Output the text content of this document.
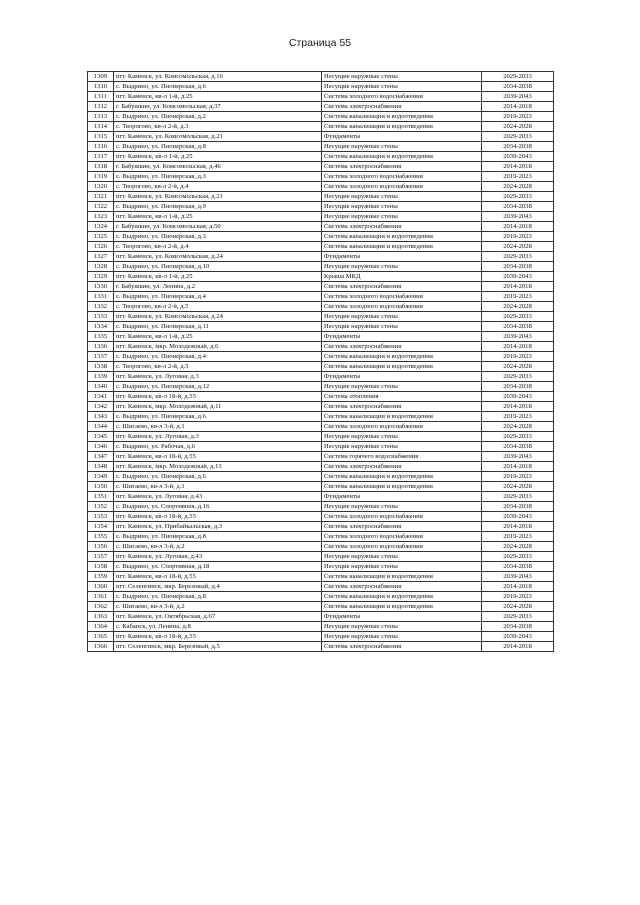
Страница 55
1309	пгт. Каменск, ул. Комсомольская, д.16	Несущие наружные стены	2029-2033
1310	с. Выдрино, ул. Пионерская, д.6	Несущие наружные стены	2034-2038
1311	пгт. Каменск, кв-л 1-й, д.25	Система холодного водоснабжения	2039-2043
1312	г. Бабушкин, ул. Комсомольская, д.37	Система электроснабжения	2014-2018
1313	с. Выдрино, ул. Пионерская, д.2	Система канализации и водоотведения	2019-2023
1314	с. Творогово, кв-л 2-й, д.3	Система канализации и водоотведения	2024-2028
1315	пгт. Каменск, ул. Комсомольская, д.21	Фундаменты	2029-2033
1316	с. Выдрино, ул. Пионерская, д.8	Несущие наружные стены	2034-2038
1317	пгт. Каменск, кв-л 1-й, д.25	Система канализации и водоотведения	2039-2043
1318	г. Бабушкин, ул. Комсомольская, д.46	Система электроснабжения	2014-2018
1319	с. Выдрино, ул. Пионерская, д.3	Система холодного водоснабжения	2019-2023
1320	с. Творогово, кв-л 2-й, д.4	Система холодного водоснабжения	2024-2028
1321	пгт. Каменск, ул. Комсомольская, д.21	Несущие наружные стены	2029-2033
1322	с. Выдрино, ул. Пионерская, д.9	Несущие наружные стены	2034-2038
1323	пгт. Каменск, кв-л 1-й, д.25	Несущие наружные стены	2039-2043
1324	г. Бабушкин, ул. Комсомольская, д.50	Система электроснабжения	2014-2018
1325	с. Выдрино, ул. Пионерская, д.3	Система канализации и водоотведения	2019-2023
1326	с. Творогово, кв-л 2-й, д.4	Система канализации и водоотведения	2024-2028
1327	пгт. Каменск, ул. Комсомольская, д.24	Фундаменты	2029-2033
1328	с. Выдрино, ул. Пионерская, д.10	Несущие наружные стены	2034-2038
1329	пгт. Каменск, кв-л 1-й, д.25	Крыша МКД	2039-2043
1330	г. Бабушкин, ул. Ленина, д.2	Система электроснабжения	2014-2018
1331	с. Выдрино, ул. Пионерская, д.4	Система холодного водоснабжения	2019-2023
1332	с. Творогово, кв-л 2-й, д.5	Система холодного водоснабжения	2024-2028
1333	пгт. Каменск, ул. Комсомольская, д.24	Несущие наружные стены	2029-2033
1334	с. Выдрино, ул. Пионерская, д.11	Несущие наружные стены	2034-2038
1335	пгт. Каменск, кв-л 1-й, д.25	Фундаменты	2039-2043
1336	пгт. Каменск, мкр. Молодежный, д.6	Система электроснабжения	2014-2018
1337	с. Выдрино, ул. Пионерская, д.4	Система канализации и водоотведения	2019-2023
1338	с. Творогово, кв-л 2-й, д.5	Система канализации и водоотведения	2024-2028
1339	пгт. Каменск, ул. Луговая, д.3	Фундаменты	2029-2033
1340	с. Выдрино, ул. Пионерская, д.12	Несущие наружные стены	2034-2038
1341	пгт. Каменск, кв-л 18-й, д.55	Система отопления	2039-2043
1342	пгт. Каменск, мкр. Молодежный, д.11	Система электроснабжения	2014-2018
1343	с. Выдрино, ул. Пионерская, д.6	Система канализации и водоотведения	2019-2023
1344	с. Шигаево, кв-л 3-й, д.1	Система холодного водоснабжения	2024-2028
1345	пгт. Каменск, ул. Луговая, д.3	Несущие наружные стены	2029-2033
1346	с. Выдрино, ул. Рабочая, д.6	Несущие наружные стены	2034-2038
1347	пгт. Каменск, кв-л 18-й, д.55	Система горячего водоснабжения	2039-2043
1348	пгт. Каменск, мкр. Молодежный, д.13	Система электроснабжения	2014-2018
1349	с. Выдрино, ул. Пионерская, д.6	Система канализации и водоотведения	2019-2023
1350	с. Шигаево, кв-л 3-й, д.1	Система канализации и водоотведения	2024-2028
1351	пгт. Каменск, ул. Луговая, д.43	Фундаменты	2029-2033
1352	с. Выдрино, ул. Спортивная, д.16	Несущие наружные стены	2034-2038
1353	пгт. Каменск, кв-л 18-й, д.55	Система холодного водоснабжения	2039-2043
1354	пгт. Каменск, ул. Прибайкальская, д.3	Система электроснабжения	2014-2018
1355	с. Выдрино, ул. Пионерская, д.8	Система холодного водоснабжения	2019-2023
1356	с. Шигаево, кв-л 3-й, д.2	Система холодного водоснабжения	2024-2028
1357	пгт. Каменск, ул. Луговая, д.43	Несущие наружные стены	2029-2033
1358	с. Выдрино, ул. Спортивная, д.18	Несущие наружные стены	2034-2038
1359	пгт. Каменск, кв-л 18-й, д.55	Система канализации и водоотведения	2039-2043
1360	пгт. Селенгинск, мкр. Березовый, д.4	Система электроснабжения	2014-2018
1361	с. Выдрино, ул. Пионерская, д.8	Система канализации и водоотведения	2019-2023
1362	с. Шигаево, кв-л 3-й, д.2	Система канализации и водоотведения	2024-2028
1363	пгт. Каменск, ул. Октябрьская, д.67	Фундаменты	2029-2033
1364	с. Кабанск, ул. Ленина, д.8	Несущие наружные стены	2034-2038
1365	пгт. Каменск, кв-л 18-й, д.55	Несущие наружные стены	2039-2043
1366	пгт. Селенгинск, мкр. Березовый, д.5	Система электроснабжения	2014-2018
